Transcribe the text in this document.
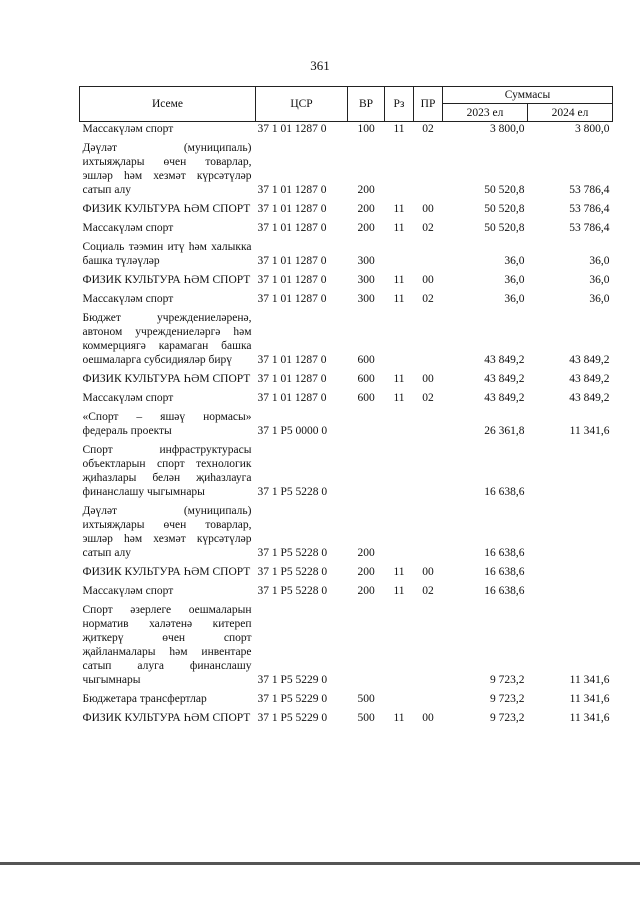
361
Исеме	ЦСР	ВР	Рз	ПР	Суммасы	
					2023 ел	2024 ел
Массакүләм спорт	37 1 01 1287 0	100	11	02	3 800,0	3 800,0
Дәүләт (муниципаль) ихтыяҗлары өчен товарлар, эшләр һәм хезмәт күрсәтүләр сатып алу	37 1 01 1287 0	200			50 520,8	53 786,4
ФИЗИК КУЛЬТУРА ҺӘМ СПОРТ	37 1 01 1287 0	200	11	00	50 520,8	53 786,4
Массакүләм спорт	37 1 01 1287 0	200	11	02	50 520,8	53 786,4
Социаль тәэмин итү һәм халыкка башка түләүләр	37 1 01 1287 0	300			36,0	36,0
ФИЗИК КУЛЬТУРА ҺӘМ СПОРТ	37 1 01 1287 0	300	11	00	36,0	36,0
Массакүләм спорт	37 1 01 1287 0	300	11	02	36,0	36,0
Бюджет учреждениеләренә, автоном учреждениеләргә һәм коммерциягә карамаган башка оешмаларга субсидияләр бирү	37 1 01 1287 0	600			43 849,2	43 849,2
ФИЗИК КУЛЬТУРА ҺӘМ СПОРТ	37 1 01 1287 0	600	11	00	43 849,2	43 849,2
Массакүләм спорт	37 1 01 1287 0	600	11	02	43 849,2	43 849,2
«Спорт – яшәү нормасы» федераль проекты	37 1 P5 0000 0				26 361,8	11 341,6
Спорт инфраструктурасы объектларын спорт технологик җиһазлары белән җиһазлауга финанслашу чыгымнары	37 1 P5 5228 0				16 638,6	
Дәүләт (муниципаль) ихтыяҗлары өчен товарлар, эшләр һәм хезмәт күрсәтүләр сатып алу	37 1 P5 5228 0	200			16 638,6	
ФИЗИК КУЛЬТУРА ҺӘМ СПОРТ	37 1 P5 5228 0	200	11	00	16 638,6	
Массакүләм спорт	37 1 P5 5228 0	200	11	02	16 638,6	
Спорт әзерлеге оешмаларын норматив халәтенә китереп җиткерү өчен спорт җайланмалары һәм инвентаре сатып алуга финанслашу чыгымнары	37 1 P5 5229 0				9 723,2	11 341,6
Бюджетара трансфертлар	37 1 P5 5229 0	500			9 723,2	11 341,6
ФИЗИК КУЛЬТУРА ҺӘМ СПОРТ	37 1 P5 5229 0	500	11	00	9 723,2	11 341,6
